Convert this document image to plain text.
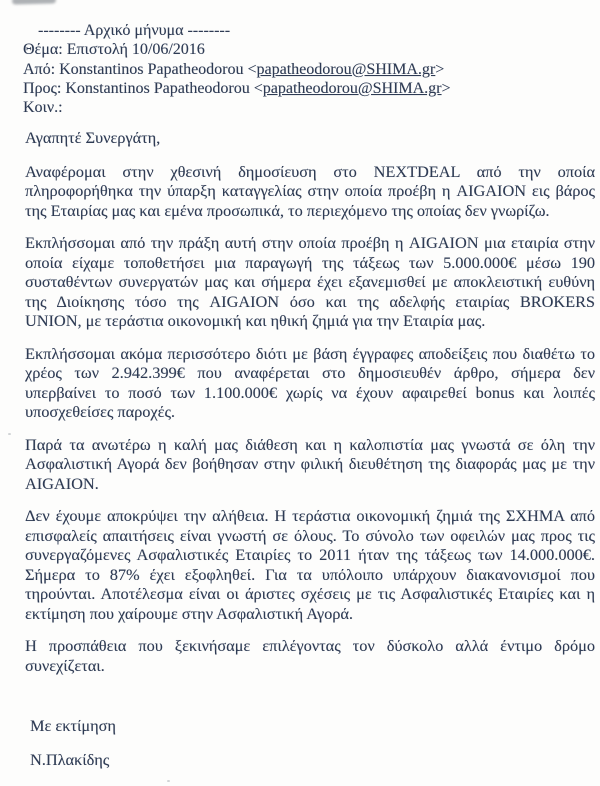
-------- Αρχικό μήνυμα --------
Θέμα: Επιστολή 10/06/2016
Από: Konstantinos Papatheodorou <papatheodorou@SHIMA.gr>
Προς: Konstantinos Papatheodorou <papatheodorou@SHIMA.gr>
Κοιν.:

Αγαπητέ Συνεργάτη,

Αναφέρομαι στην χθεσινή δημοσίευση στο NEXTDEAL από την οποία
πληροφορήθηκα την ύπαρξη καταγγελίας στην οποία προέβη η AIGAION εις βάρος
της Εταιρίας μας και εμένα προσωπικά, το περιεχόμενο της οποίας δεν γνωρίζω.

Εκπλήσσομαι από την πράξη αυτή στην οποία προέβη η AIGAION μια εταιρία στην
οποία είχαμε τοποθετήσει μια παραγωγή της τάξεως των 5.000.000€ μέσω 190
συσταθέντων συνεργατών μας και σήμερα έχει εξανεμισθεί με αποκλειστική ευθύνη
της Διοίκησης τόσο της AIGAION όσο και της αδελφής εταιρίας BROKERS
UNION, με τεράστια οικονομική και ηθική ζημιά για την Εταιρία μας.

Εκπλήσσομαι ακόμα περισσότερο διότι με βάση έγγραφες αποδείξεις που διαθέτω το
χρέος των 2.942.399€ που αναφέρεται στο δημοσιευθέν άρθρο, σήμερα δεν
υπερβαίνει το ποσό των 1.100.000€ χωρίς να έχουν αφαιρεθεί bonus και λοιπές
υποσχεθείσες παροχές.

Παρά τα ανωτέρω η καλή μας διάθεση και η καλοπιστία μας γνωστά σε όλη την
Ασφαλιστική Αγορά δεν βοήθησαν στην φιλική διευθέτηση της διαφοράς μας με την
AIGAION.

Δεν έχουμε αποκρύψει την αλήθεια. Η τεράστια οικονομική ζημιά της ΣΧΗΜΑ από
επισφαλείς απαιτήσεις είναι γνωστή σε όλους. Το σύνολο των οφειλών μας προς τις
συνεργαζόμενες Ασφαλιστικές Εταιρίες το 2011 ήταν της τάξεως των 14.000.000€.
Σήμερα το 87% έχει εξοφληθεί. Για τα υπόλοιπο υπάρχουν διακανονισμοί που
τηρούνται. Αποτέλεσμα είναι οι άριστες σχέσεις με τις Ασφαλιστικές Εταιρίες και η
εκτίμηση που χαίρουμε στην Ασφαλιστική Αγορά.

Η προσπάθεια που ξεκινήσαμε επιλέγοντας τον δύσκολο αλλά έντιμο δρόμο
συνεχίζεται.

Με εκτίμηση

Ν.Πλακίδης
